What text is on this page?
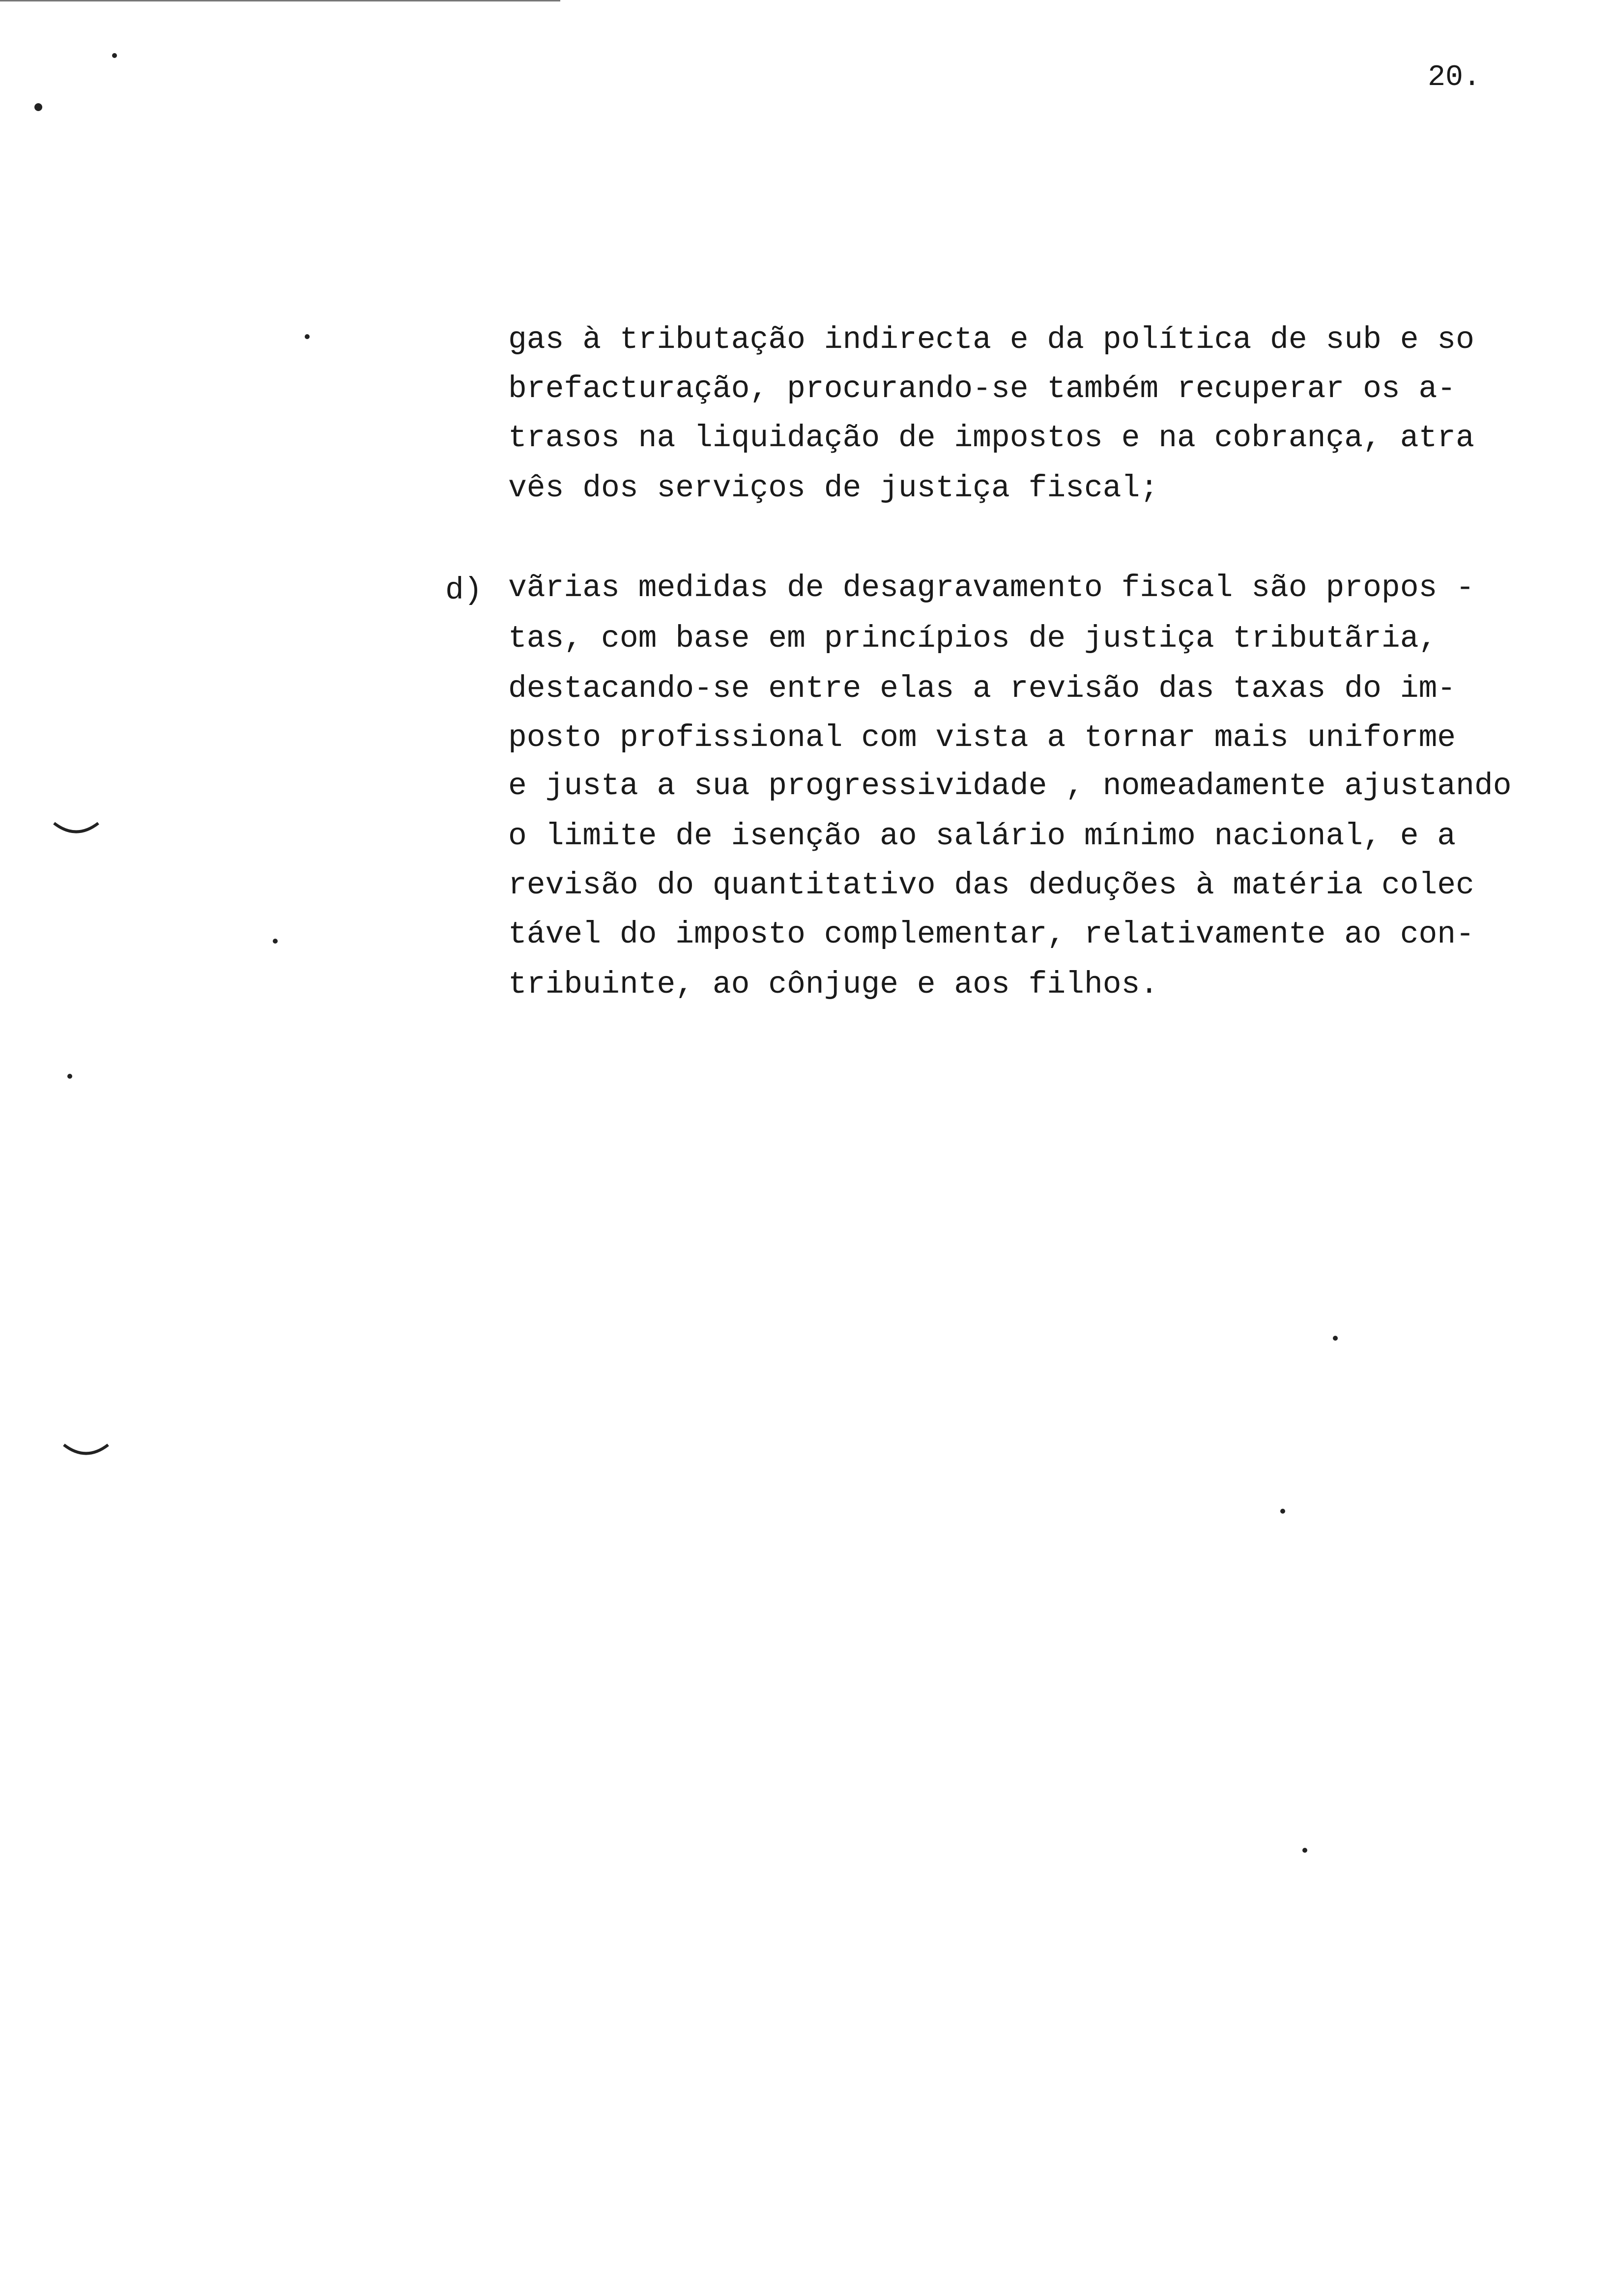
20.
gas à tributação indirecta e da política de sub e so
brefacturação, procurando-se também recuperar os a-
trasos na liquidação de impostos e na cobrança, atra
vês dos serviços de justiça fiscal;
d) vãrias medidas de desagravamento fiscal são propos -
tas, com base em princípios de justiça tributãria,
destacando-se entre elas a revisão das taxas do im-
posto profissional com vista a tornar mais uniforme
e justa a sua progressividade , nomeadamente ajustando
o limite de isenção ao salário mínimo nacional, e a
revisão do quantitativo das deduções à matéria colec
tável do imposto complementar, relativamente ao con-
tribuinte, ao cônjuge e aos filhos.
